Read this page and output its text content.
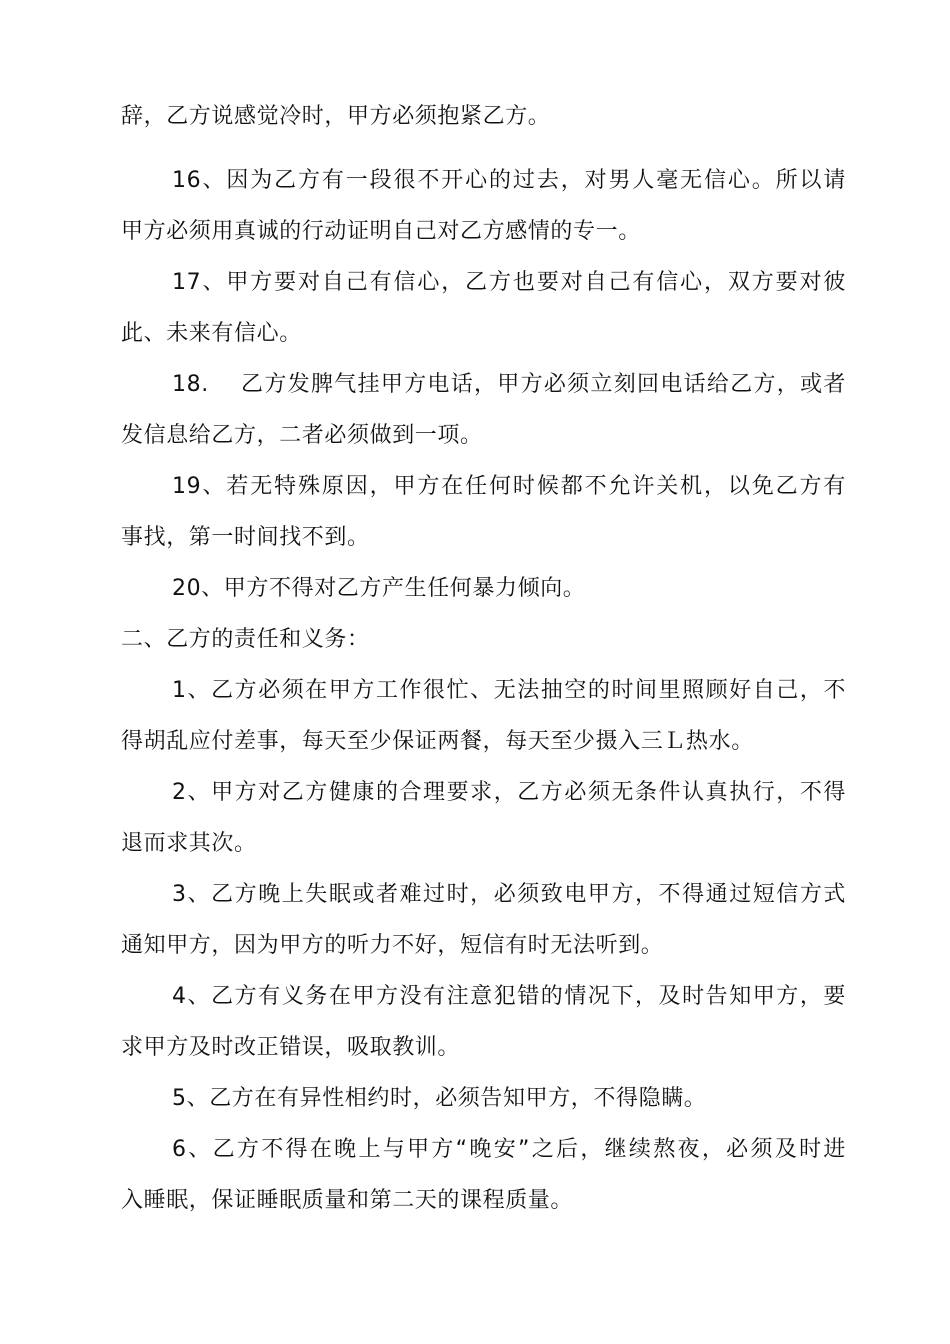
辞，乙方说感觉冷时，甲方必须抱紧乙方。
16、因为乙方有一段很不开心的过去，对男人毫无信心。所以请
甲方必须用真诚的行动证明自己对乙方感情的专一。
17、甲方要对自己有信心，乙方也要对自己有信心，双方要对彼
此、未来有信心。
18.　 乙方发脾气挂甲方电话，甲方必须立刻回电话给乙方，或者
发信息给乙方，二者必须做到一项。
19、若无特殊原因，甲方在任何时候都不允许关机，以免乙方有
事找，第一时间找不到。
20、甲方不得对乙方产生任何暴力倾向。
二、乙方的责任和义务：
1、乙方必须在甲方工作很忙、无法抽空的时间里照顾好自己，不
得胡乱应付差事，每天至少保证两餐，每天至少摄入三Ｌ热水。
2、甲方对乙方健康的合理要求，乙方必须无条件认真执行，不得
退而求其次。
3、乙方晚上失眠或者难过时，必须致电甲方，不得通过短信方式
通知甲方，因为甲方的听力不好，短信有时无法听到。
4、乙方有义务在甲方没有注意犯错的情况下，及时告知甲方，要
求甲方及时改正错误，吸取教训。
5、乙方在有异性相约时，必须告知甲方，不得隐瞒。
6、乙方不得在晚上与甲方“晚安”之后，继续熬夜，必须及时进
入睡眠，保证睡眠质量和第二天的课程质量。
